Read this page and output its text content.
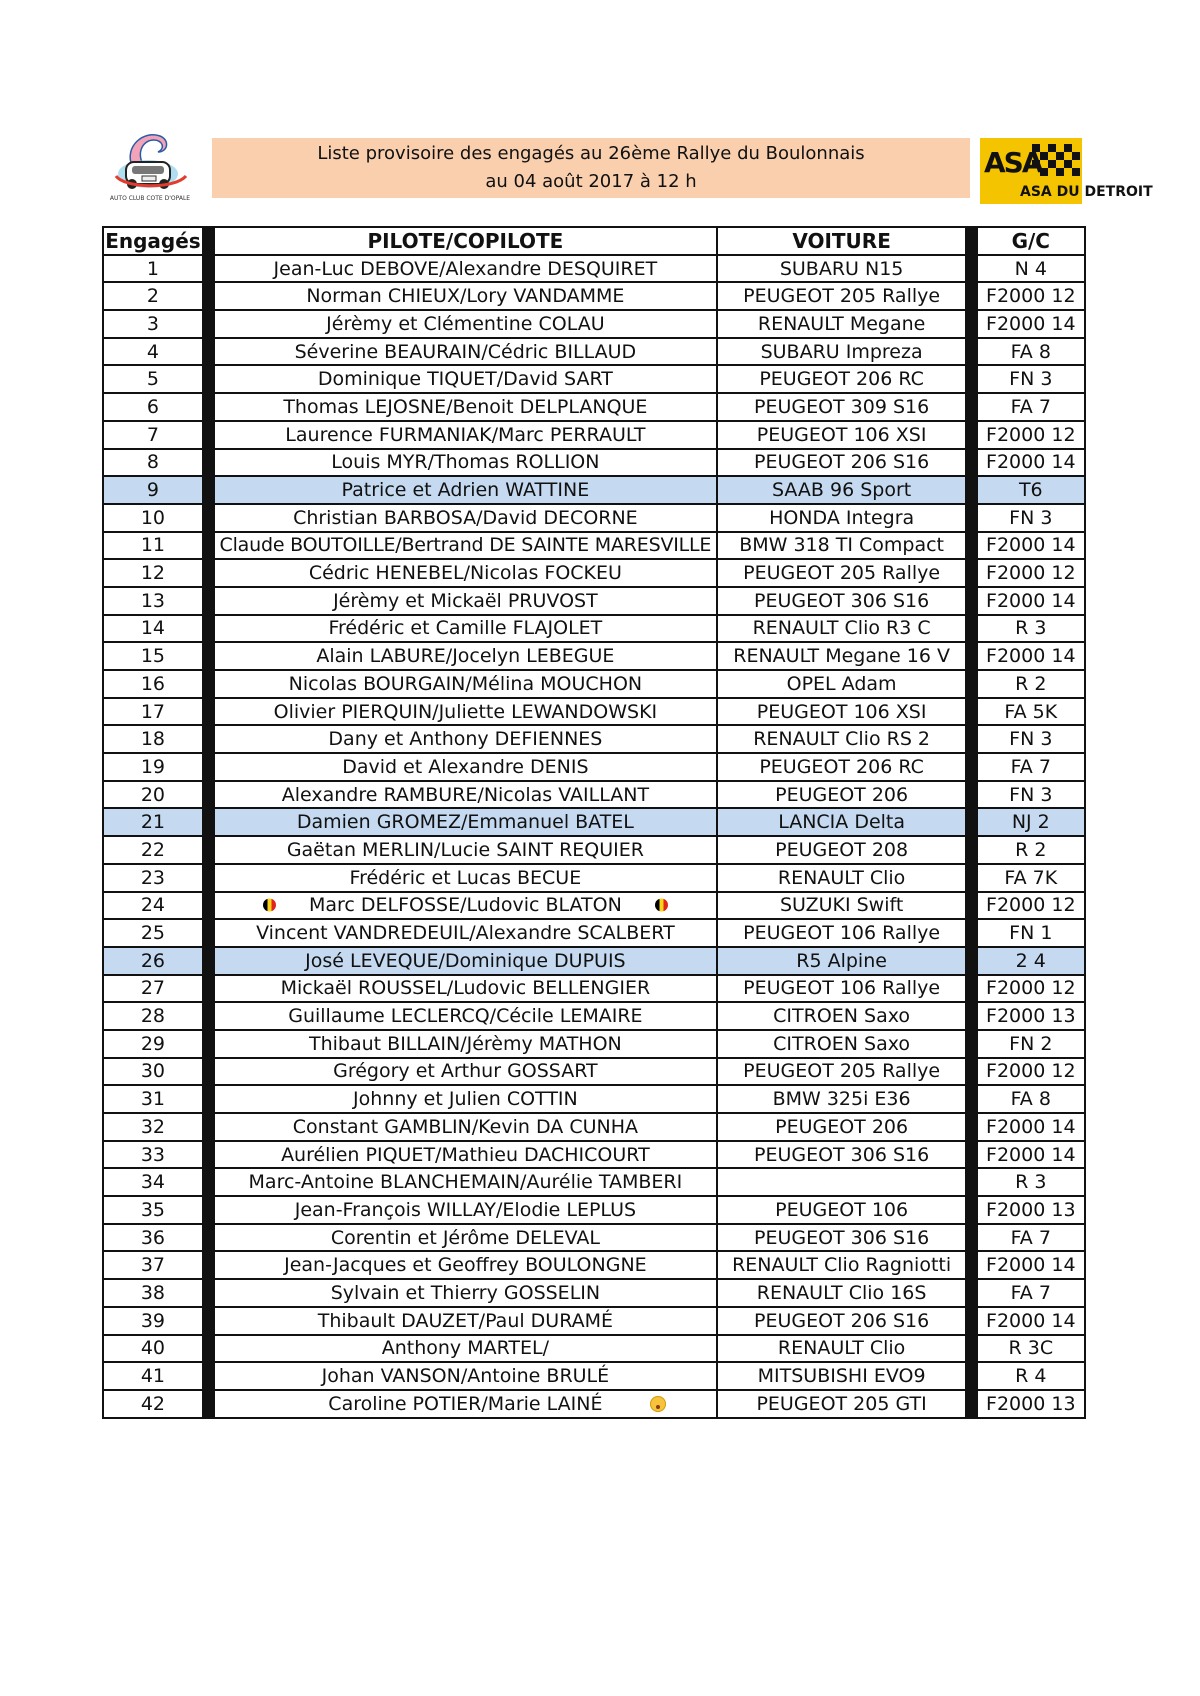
AUTO CLUB COTE D'OPALE
Liste provisoire des engagés au 26ème Rallye du Boulonnais
au 04 août 2017 à 12 h
ASA
ASA DU DETROIT
Engagés		PILOTE/COPILOTE	VOITURE		G/C
1		Jean-Luc DEBOVE/Alexandre DESQUIRET	SUBARU N15		N 4
2		Norman CHIEUX/Lory VANDAMME	PEUGEOT 205 Rallye		F2000 12
3		Jérèmy et Clémentine COLAU	RENAULT Megane		F2000 14
4		Séverine BEAURAIN/Cédric BILLAUD	SUBARU Impreza		FA 8
5		Dominique TIQUET/David SART	PEUGEOT 206 RC		FN 3
6		Thomas LEJOSNE/Benoit DELPLANQUE	PEUGEOT 309 S16		FA 7
7		Laurence FURMANIAK/Marc PERRAULT	PEUGEOT 106 XSI		F2000 12
8		Louis MYR/Thomas ROLLION	PEUGEOT 206 S16		F2000 14
9		Patrice et Adrien WATTINE	SAAB 96 Sport		T6
10		Christian BARBOSA/David DECORNE	HONDA Integra		FN 3
11		Claude BOUTOILLE/Bertrand DE SAINTE MARESVILLE	BMW 318 TI Compact		F2000 14
12		Cédric HENEBEL/Nicolas FOCKEU	PEUGEOT 205 Rallye		F2000 12
13		Jérèmy et Mickaël PRUVOST	PEUGEOT 306 S16		F2000 14
14		Frédéric et Camille FLAJOLET	RENAULT Clio R3 C		R 3
15		Alain LABURE/Jocelyn LEBEGUE	RENAULT Megane 16 V		F2000 14
16		Nicolas BOURGAIN/Mélina MOUCHON	OPEL Adam		R 2
17		Olivier PIERQUIN/Juliette LEWANDOWSKI	PEUGEOT 106 XSI		FA 5K
18		Dany et Anthony DEFIENNES	RENAULT Clio RS 2		FN 3
19		David et Alexandre DENIS	PEUGEOT 206 RC		FA 7
20		Alexandre RAMBURE/Nicolas VAILLANT	PEUGEOT 206		FN 3
21		Damien GROMEZ/Emmanuel BATEL	LANCIA Delta		NJ 2
22		Gaëtan MERLIN/Lucie SAINT REQUIER	PEUGEOT 208		R 2
23		Frédéric et Lucas BECUE	RENAULT Clio		FA 7K
24		Marc DELFOSSE/Ludovic BLATON	SUZUKI Swift		F2000 12
25		Vincent VANDREDEUIL/Alexandre SCALBERT	PEUGEOT 106 Rallye		FN 1
26		José LEVEQUE/Dominique DUPUIS	R5 Alpine		2 4
27		Mickaël ROUSSEL/Ludovic BELLENGIER	PEUGEOT 106 Rallye		F2000 12
28		Guillaume LECLERCQ/Cécile LEMAIRE	CITROEN Saxo		F2000 13
29		Thibaut BILLAIN/Jérèmy MATHON	CITROEN Saxo		FN 2
30		Grégory et Arthur GOSSART	PEUGEOT 205 Rallye		F2000 12
31		Johnny et Julien COTTIN	BMW 325i E36		FA 8
32		Constant GAMBLIN/Kevin DA CUNHA	PEUGEOT 206		F2000 14
33		Aurélien PIQUET/Mathieu DACHICOURT	PEUGEOT 306 S16		F2000 14
34		Marc-Antoine BLANCHEMAIN/Aurélie TAMBERI			R 3
35		Jean-François WILLAY/Elodie LEPLUS	PEUGEOT 106		F2000 13
36		Corentin et Jérôme DELEVAL	PEUGEOT 306 S16		FA 7
37		Jean-Jacques et Geoffrey BOULONGNE	RENAULT Clio Ragniotti		F2000 14
38		Sylvain et Thierry GOSSELIN	RENAULT Clio 16S		FA 7
39		Thibault DAUZET/Paul DURAMÉ	PEUGEOT 206 S16		F2000 14
40		Anthony MARTEL/	RENAULT Clio		R 3C
41		Johan VANSON/Antoine BRULÉ	MITSUBISHI EVO9		R 4
42		Caroline POTIER/Marie LAINÉ	PEUGEOT 205 GTI		F2000 13
